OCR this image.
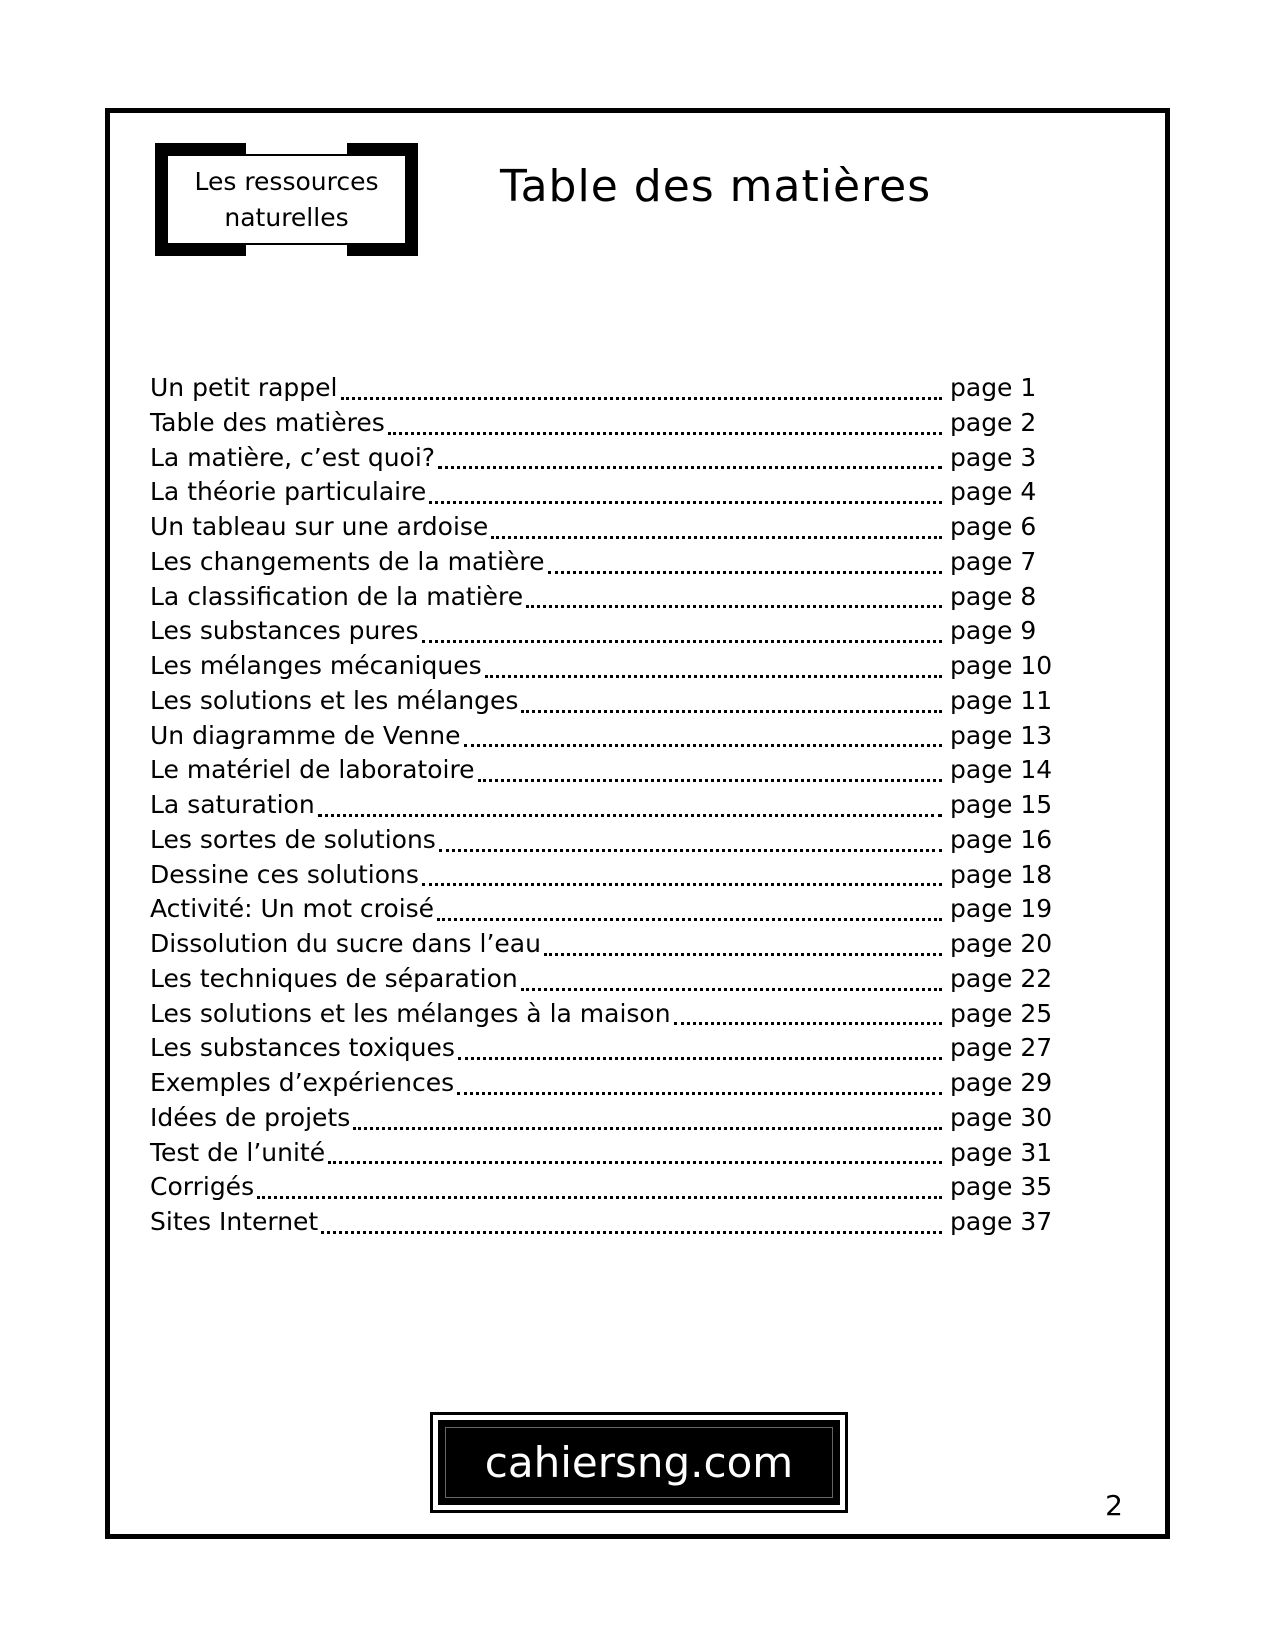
Les ressources
naturelles
Table des matières
Un petit rappel	page 1
Table des matières	page 2
La matière, c’est quoi?	page 3
La théorie particulaire	page 4
Un tableau sur une ardoise	page 6
Les changements de la matière	page 7
La classification de la matière	page 8
Les substances pures	page 9
Les mélanges mécaniques	page 10
Les solutions et les mélanges	page 11
Un diagramme de Venne	page 13
Le matériel de laboratoire	page 14
La saturation	page 15
Les sortes de solutions	page 16
Dessine ces solutions	page 18
Activité: Un mot croisé	page 19
Dissolution du sucre dans l’eau	page 20
Les techniques de séparation	page 22
Les solutions et les mélanges à la maison	page 25
Les substances toxiques	page 27
Exemples d’expériences	page 29
Idées de projets	page 30
Test de l’unité	page 31
Corrigés	page 35
Sites Internet	page 37
cahiersng.com
2
